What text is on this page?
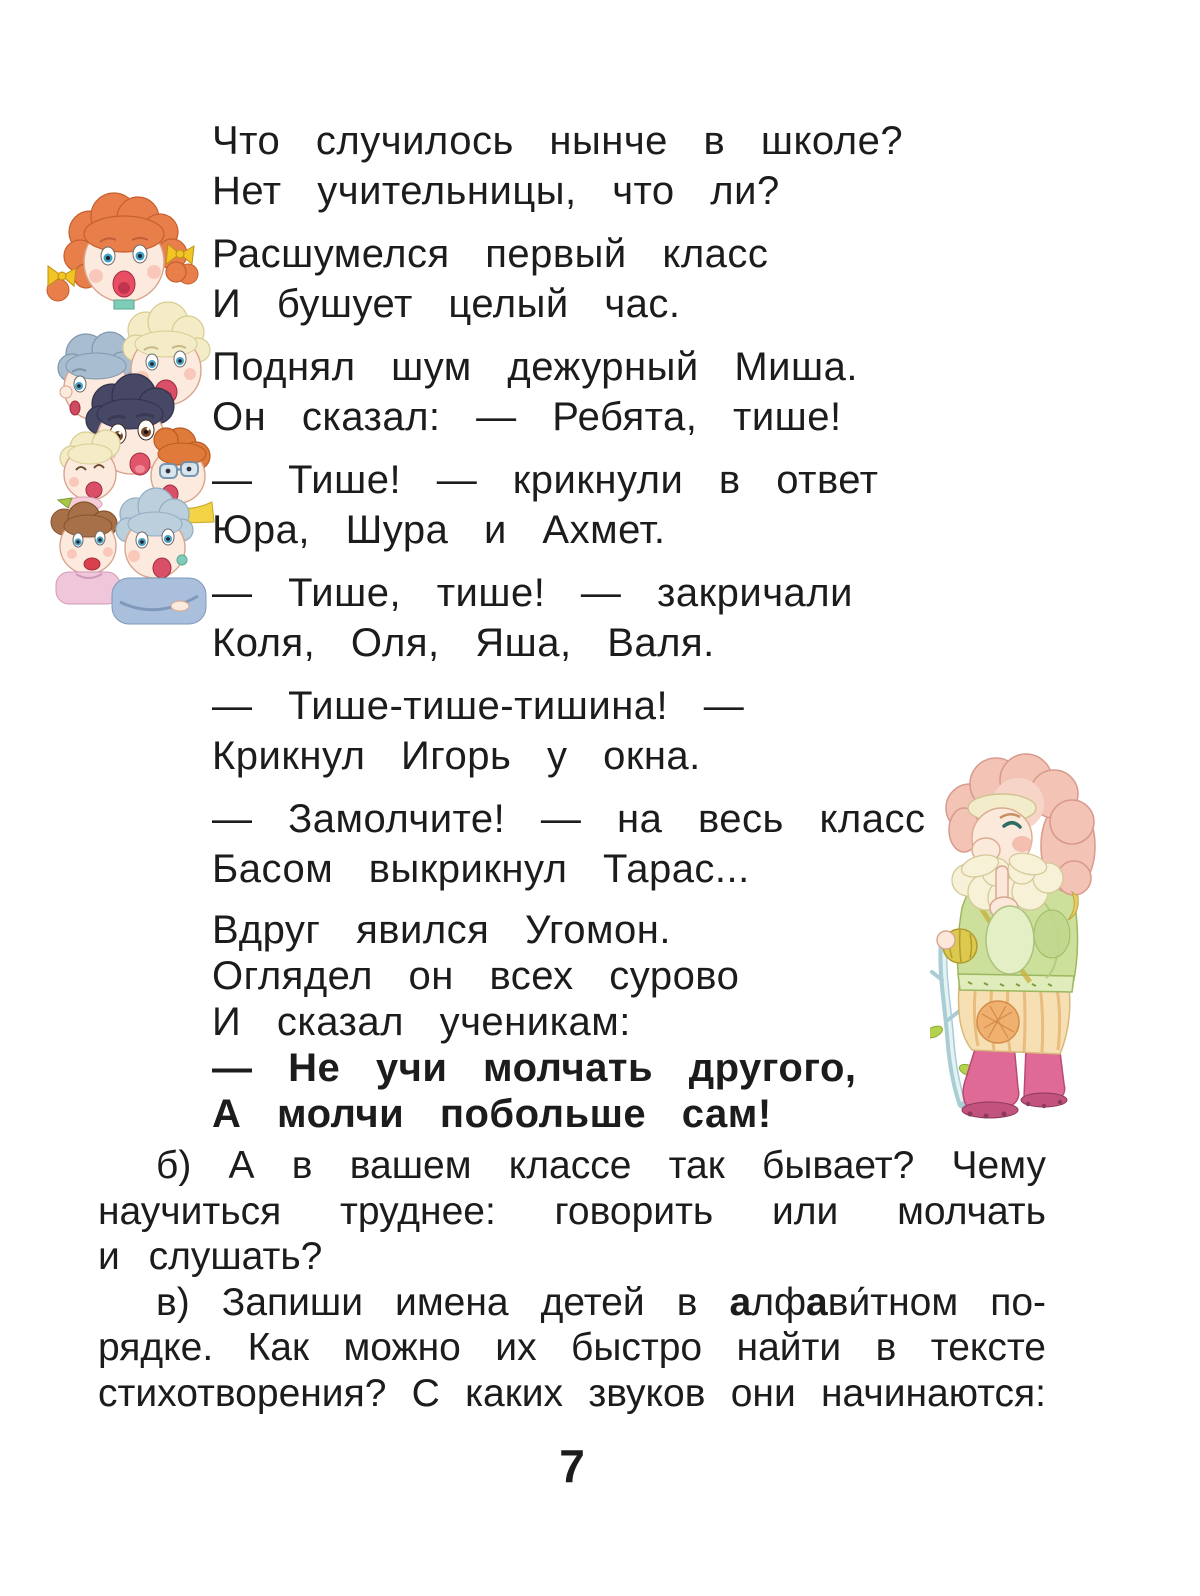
Что случилось нынче в школе?
Нет учительницы, что ли?
Расшумелся первый класс
И бушует целый час.
Поднял шум дежурный Миша.
Он сказал: — Ребята, тише!
— Тише! — крикнули в ответ
Юра, Шура и Ахмет.
— Тише, тише! — закричали
Коля, Оля, Яша, Валя.
— Тише-тише-тишина! —
Крикнул Игорь у окна.
— Замолчите! — на весь класс
Басом выкрикнул Тарас...
Вдруг явился Угомон.
Оглядел он всех сурово
И сказал ученикам:
— Не учи молчать другого,
А молчи побольше сам!
б) А в вашем классе так бывает? Чему
научиться труднее: говорить или молчать
и слушать?
в) Запиши имена детей в алфави́тном по-
рядке. Как можно их быстро найти в тексте
стихотворения? С каких звуков они начинаются:
7
